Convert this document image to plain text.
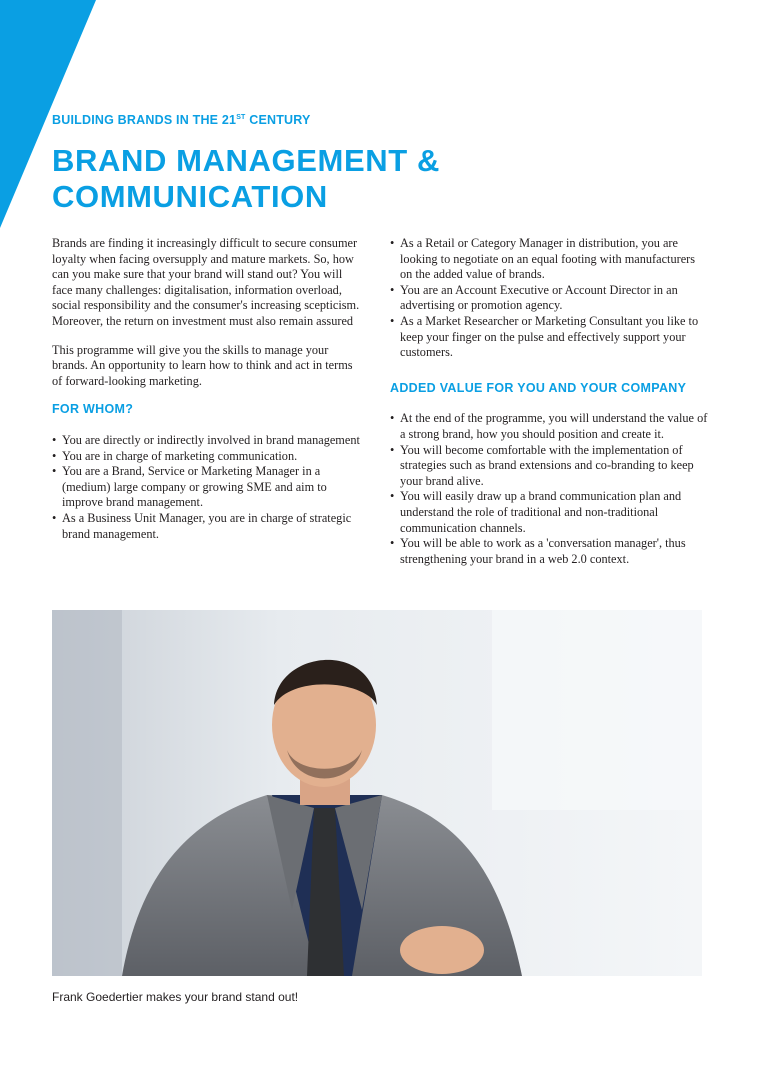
BUILDING BRANDS IN THE 21ST CENTURY
BRAND MANAGEMENT &
COMMUNICATION

Brands are finding it increasingly difficult to secure consumer loyalty when facing oversupply and mature markets. So, how can you make sure that your brand will stand out? You will face many challenges: digitalisation, information overload, social responsibility and the consumer's increasing scepticism. Moreover, the return on investment must also remain assured

This programme will give you the skills to manage your brands. An opportunity to learn how to think and act in terms of forward-looking marketing.

FOR WHOM?
• You are directly or indirectly involved in brand management
• You are in charge of marketing communication.
• You are a Brand, Service or Marketing Manager in a (medium) large company or growing SME and aim to improve brand management.
• As a Business Unit Manager, you are in charge of strategic brand management.
• As a Retail or Category Manager in distribution, you are looking to negotiate on an equal footing with manufacturers on the added value of brands.
• You are an Account Executive or Account Director in an advertising or promotion agency.
• As a Market Researcher or Marketing Consultant you like to keep your finger on the pulse and effectively support your customers.
ADDED VALUE FOR YOU AND YOUR COMPANY
• At the end of the programme, you will understand the value of a strong brand, how you should position and create it.
• You will become comfortable with the implementation of strategies such as brand extensions and co-branding to keep your brand alive.
• You will easily draw up a brand communication plan and understand the role of traditional and non-traditional communication channels.
• You will be able to work as a 'conversation manager', thus strengthening your brand in a web 2.0 context.
Frank Goedertier makes your brand stand out!
